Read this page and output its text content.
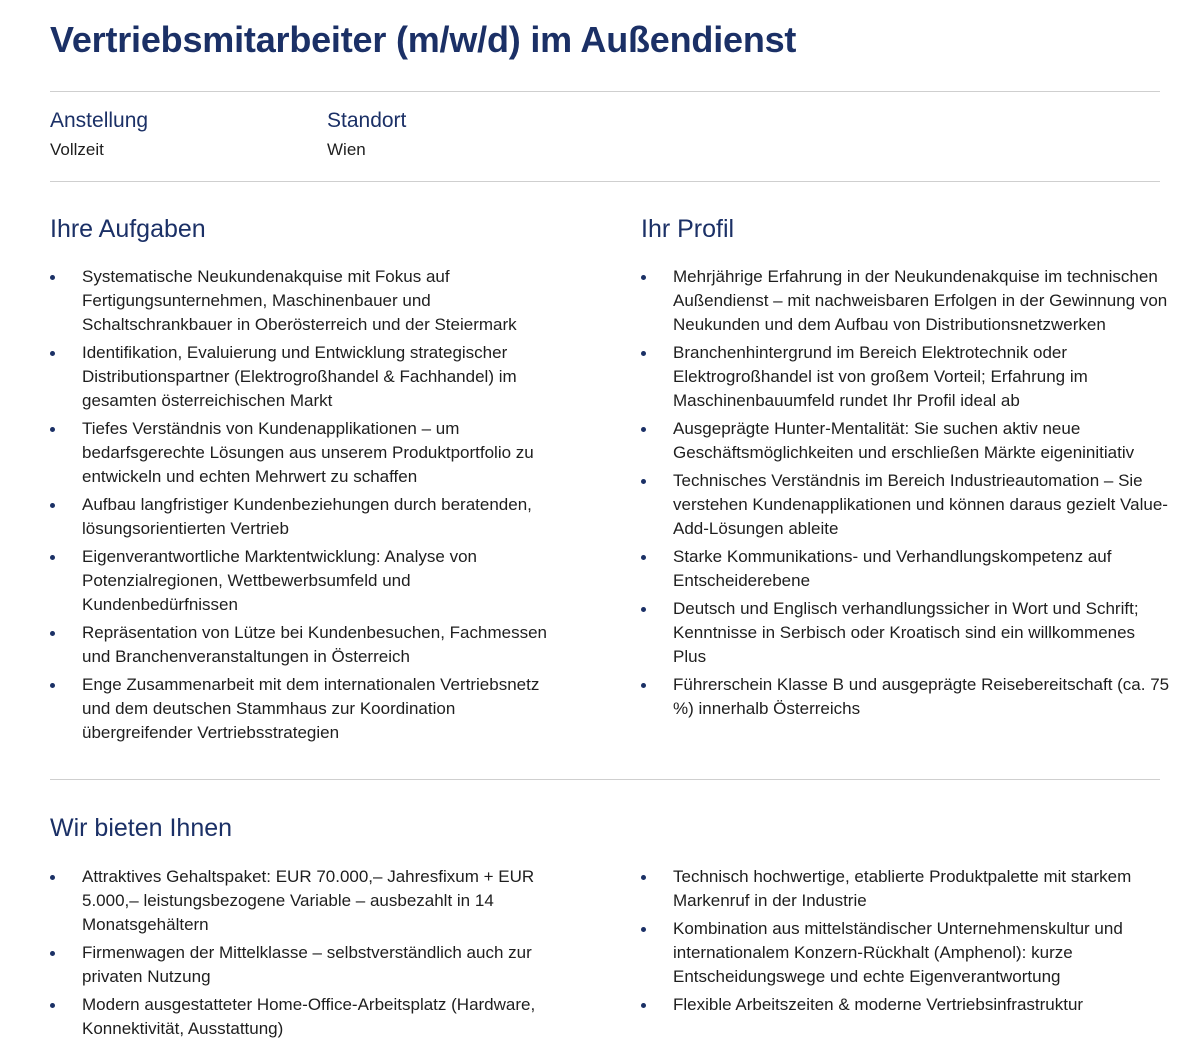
Vertriebsmitarbeiter (m/w/d) im Außendienst
Anstellung
Vollzeit
Standort
Wien
Ihre Aufgaben
Systematische Neukundenakquise mit Fokus auf Fertigungsunternehmen, Maschinenbauer und Schaltschrankbauer in Oberösterreich und der Steiermark
Identifikation, Evaluierung und Entwicklung strategischer Distributionspartner (Elektrogroßhandel & Fachhandel) im gesamten österreichischen Markt
Tiefes Verständnis von Kundenapplikationen – um bedarfsgerechte Lösungen aus unserem Produktportfolio zu entwickeln und echten Mehrwert zu schaffen
Aufbau langfristiger Kundenbeziehungen durch beratenden, lösungsorientierten Vertrieb
Eigenverantwortliche Marktentwicklung: Analyse von Potenzialregionen, Wettbewerbsumfeld und Kundenbedürfnissen
Repräsentation von Lütze bei Kundenbesuchen, Fachmessen und Branchenveranstaltungen in Österreich
Enge Zusammenarbeit mit dem internationalen Vertriebsnetz und dem deutschen Stammhaus zur Koordination übergreifender Vertriebsstrategien
Ihr Profil
Mehrjährige Erfahrung in der Neukundenakquise im technischen Außendienst – mit nachweisbaren Erfolgen in der Gewinnung von Neukunden und dem Aufbau von Distributionsnetzwerken
Branchenhintergrund im Bereich Elektrotechnik oder Elektrogroßhandel ist von großem Vorteil; Erfahrung im Maschinenbauumfeld rundet Ihr Profil ideal ab
Ausgeprägte Hunter-Mentalität: Sie suchen aktiv neue Geschäftsmöglichkeiten und erschließen Märkte eigeninitiativ
Technisches Verständnis im Bereich Industrieautomation – Sie verstehen Kundenapplikationen und können daraus gezielt Value-Add-Lösungen ableite
Starke Kommunikations- und Verhandlungskompetenz auf Entscheiderebene
Deutsch und Englisch verhandlungssicher in Wort und Schrift; Kenntnisse in Serbisch oder Kroatisch sind ein willkommenes Plus
Führerschein Klasse B und ausgeprägte Reisebereitschaft (ca. 75 %) innerhalb Österreichs
Wir bieten Ihnen
Attraktives Gehaltspaket: EUR 70.000,– Jahresfixum + EUR 5.000,– leistungsbezogene Variable – ausbezahlt in 14 Monatsgehältern
Firmenwagen der Mittelklasse – selbstverständlich auch zur privaten Nutzung
Modern ausgestatteter Home-Office-Arbeitsplatz (Hardware, Konnektivität, Ausstattung)
Technisch hochwertige, etablierte Produktpalette mit starkem Markenruf in der Industrie
Kombination aus mittelständischer Unternehmenskultur und internationalem Konzern-Rückhalt (Amphenol): kurze Entscheidungswege und echte Eigenverantwortung
Flexible Arbeitszeiten & moderne Vertriebsinfrastruktur
